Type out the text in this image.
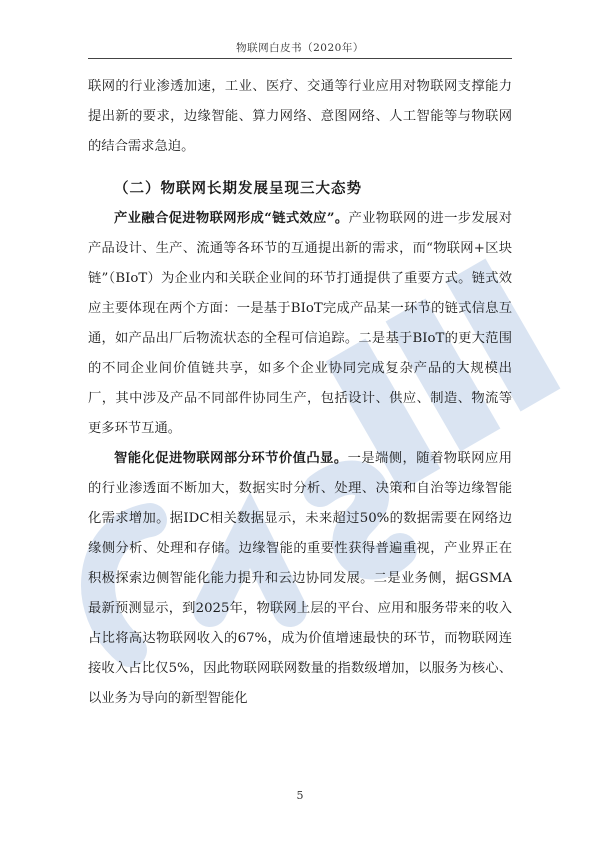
物联网白皮书（2020年）

联网的行业渗透加速，工业、医疗、交通等行业应用对物联网支撑能力提出新的要求，边缘智能、算力网络、意图网络、人工智能等与物联网的结合需求急迫。

（二）物联网长期发展呈现三大态势

产业融合促进物联网形成“链式效应”。产业物联网的进一步发展对产品设计、生产、流通等各环节的互通提出新的需求，而“物联网+区块链”（BIoT）为企业内和关联企业间的环节打通提供了重要方式。链式效应主要体现在两个方面：一是基于BIoT完成产品某一环节的链式信息互通，如产品出厂后物流状态的全程可信追踪。二是基于BIoT的更大范围的不同企业间价值链共享，如多个企业协同完成复杂产品的大规模出厂，其中涉及产品不同部件协同生产，包括设计、供应、制造、物流等更多环节互通。

智能化促进物联网部分环节价值凸显。一是端侧，随着物联网应用的行业渗透面不断加大，数据实时分析、处理、决策和自治等边缘智能化需求增加。据IDC相关数据显示，未来超过50%的数据需要在网络边缘侧分析、处理和存储。边缘智能的重要性获得普遍重视，产业界正在积极探索边侧智能化能力提升和云边协同发展。二是业务侧，据GSMA最新预测显示，到2025年，物联网上层的平台、应用和服务带来的收入占比将高达物联网收入的67%，成为价值增速最快的环节，而物联网连接收入占比仅5%，因此物联网联网数量的指数级增加，以服务为核心、以业务为导向的新型智能化

5
